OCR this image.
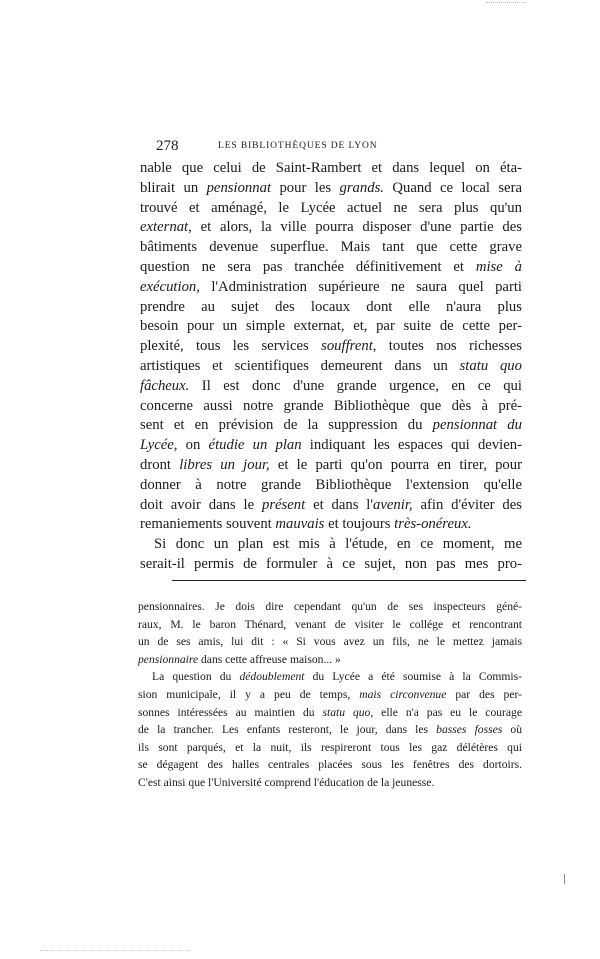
278	LES BIBLIOTHÈQUES DE LYON
nable que celui de Saint-Rambert et dans lequel on éta-
blirait un pensionnat pour les grands. Quand ce local sera
trouvé et aménagé, le Lycée actuel ne sera plus qu'un
externat, et alors, la ville pourra disposer d'une partie des
bâtiments devenue superflue. Mais tant que cette grave
question ne sera pas tranchée définitivement et mise à
exécution, l'Administration supérieure ne saura quel parti
prendre au sujet des locaux dont elle n'aura plus
besoin pour un simple externat, et, par suite de cette per-
plexité, tous les services souffrent, toutes nos richesses
artistiques et scientifiques demeurent dans un statu quo
fâcheux. Il est donc d'une grande urgence, en ce qui
concerne aussi notre grande Bibliothèque que dès à pré-
sent et en prévision de la suppression du pensionnat du
Lycée, on étudie un plan indiquant les espaces qui devien-
dront libres un jour, et le parti qu'on pourra en tirer, pour
donner à notre grande Bibliothèque l'extension qu'elle
doit avoir dans le présent et dans l'avenir, afin d'éviter des
remaniements souvent mauvais et toujours très-onéreux.
Si donc un plan est mis à l'étude, en ce moment, me
serait-il permis de formuler à ce sujet, non pas mes pro-
pensionnaires. Je dois dire cependant qu'un de ses inspecteurs géné-
raux, M. le baron Thénard, venant de visiter le collége et rencontrant
un de ses amis, lui dit : « Si vous avez un fils, ne le mettez jamais
pensionnaire dans cette affreuse maison... »
La question du dédoublement du Lycée a été soumise à la Commis-
sion municipale, il y a peu de temps, mais circonvenue par des per-
sonnes intéressées au maintien du statu quo, elle n'a pas eu le courage
de la trancher. Les enfants resteront, le jour, dans les basses fosses où
ils sont parqués, et la nuit, ils respireront tous les gaz délétères qui
se dégagent des halles centrales placées sous les fenêtres des dortoirs.
C'est ainsi que l'Université comprend l'éducation de la jeunesse.
